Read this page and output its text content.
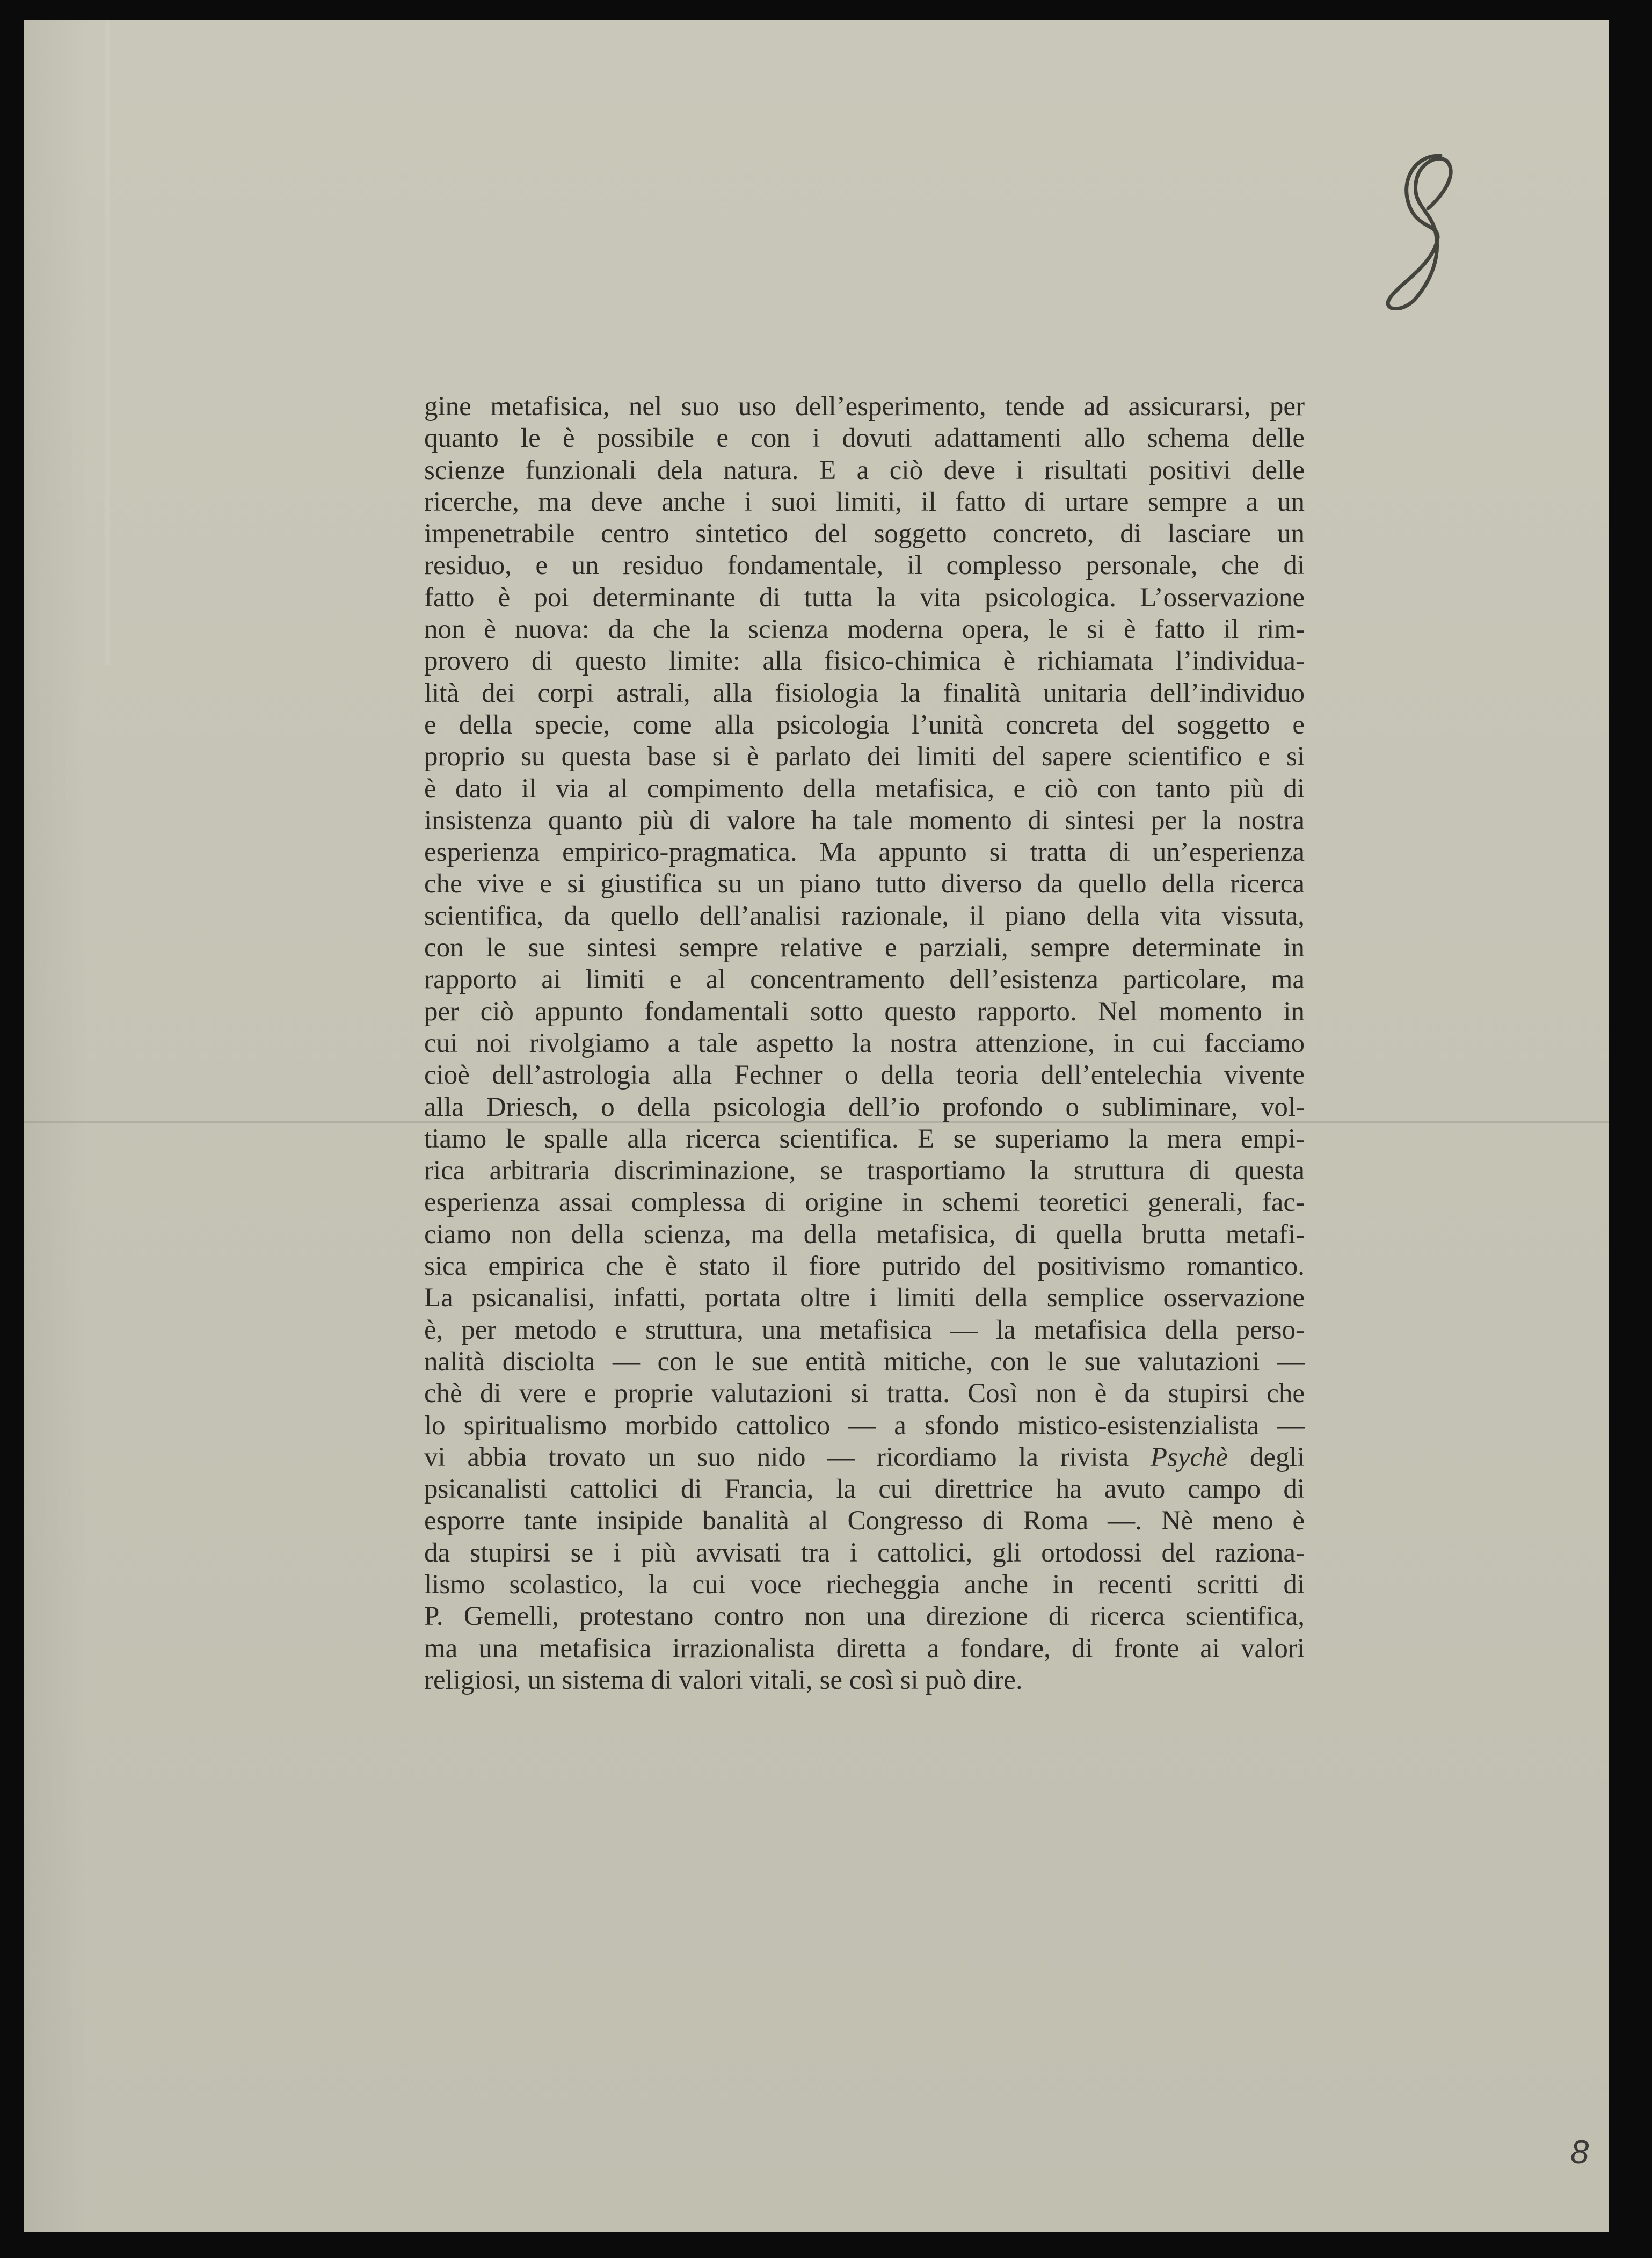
gine metafisica, nel suo uso dell’esperimento, tende ad assicurarsi, per
quanto le è possibile e con i dovuti adattamenti allo schema delle
scienze funzionali dela natura. E a ciò deve i risultati positivi delle
ricerche, ma deve anche i suoi limiti, il fatto di urtare sempre a un
impenetrabile centro sintetico del soggetto concreto, di lasciare un
residuo, e un residuo fondamentale, il complesso personale, che di
fatto è poi determinante di tutta la vita psicologica. L’osservazione
non è nuova: da che la scienza moderna opera, le si è fatto il rim-
provero di questo limite: alla fisico-chimica è richiamata l’individua-
lità dei corpi astrali, alla fisiologia la finalità unitaria dell’individuo
e della specie, come alla psicologia l’unità concreta del soggetto e
proprio su questa base si è parlato dei limiti del sapere scientifico e si
è dato il via al compimento della metafisica, e ciò con tanto più di
insistenza quanto più di valore ha tale momento di sintesi per la nostra
esperienza empirico-pragmatica. Ma appunto si tratta di un’esperienza
che vive e si giustifica su un piano tutto diverso da quello della ricerca
scientifica, da quello dell’analisi razionale, il piano della vita vissuta,
con le sue sintesi sempre relative e parziali, sempre determinate in
rapporto ai limiti e al concentramento dell’esistenza particolare, ma
per ciò appunto fondamentali sotto questo rapporto. Nel momento in
cui noi rivolgiamo a tale aspetto la nostra attenzione, in cui facciamo
cioè dell’astrologia alla Fechner o della teoria dell’entelechia vivente
alla Driesch, o della psicologia dell’io profondo o subliminare, vol-
tiamo le spalle alla ricerca scientifica. E se superiamo la mera empi-
rica arbitraria discriminazione, se trasportiamo la struttura di questa
esperienza assai complessa di origine in schemi teoretici generali, fac-
ciamo non della scienza, ma della metafisica, di quella brutta metafi-
sica empirica che è stato il fiore putrido del positivismo romantico.
La psicanalisi, infatti, portata oltre i limiti della semplice osservazione
è, per metodo e struttura, una metafisica — la metafisica della perso-
nalità disciolta — con le sue entità mitiche, con le sue valutazioni —
chè di vere e proprie valutazioni si tratta. Così non è da stupirsi che
lo spiritualismo morbido cattolico — a sfondo mistico-esistenzialista —
vi abbia trovato un suo nido — ricordiamo la rivista Psychè degli
psicanalisti cattolici di Francia, la cui direttrice ha avuto campo di
esporre tante insipide banalità al Congresso di Roma —. Nè meno è
da stupirsi se i più avvisati tra i cattolici, gli ortodossi del raziona-
lismo scolastico, la cui voce riecheggia anche in recenti scritti di
P. Gemelli, protestano contro non una direzione di ricerca scientifica,
ma una metafisica irrazionalista diretta a fondare, di fronte ai valori
religiosi, un sistema di valori vitali, se così si può dire.
8
